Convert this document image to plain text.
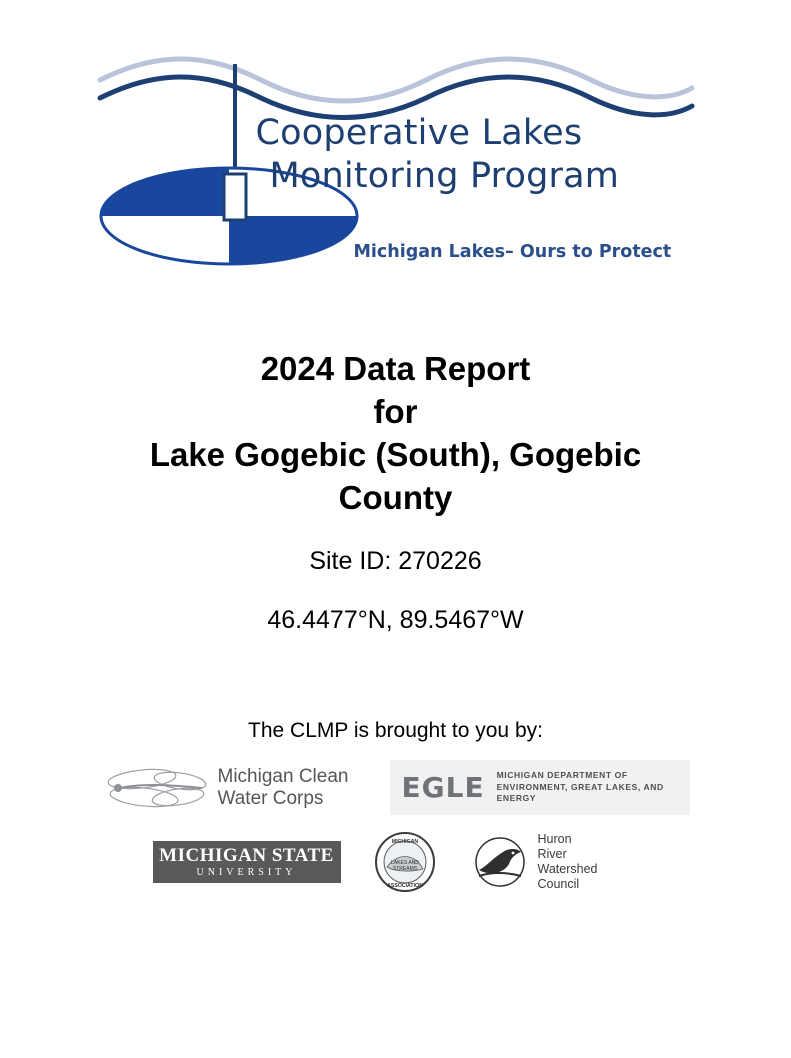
Cooperative Lakes
Monitoring Program
Michigan Lakes– Ours to Protect
2024 Data Report
for
Lake Gogebic (South), Gogebic
County
Site ID: 270226
46.4477°N, 89.5467°W
The CLMP is brought to you by:
Michigan Clean
Water Corps	EGLE MICHIGAN DEPARTMENT OF
ENVIRONMENT, GREAT LAKES, AND ENERGY
MICHIGAN STATE
UNIVERSITY
MICHIGAN
LAKES AND
STREAMS
ASSOCIATION
Huron
River
Watershed
Council
